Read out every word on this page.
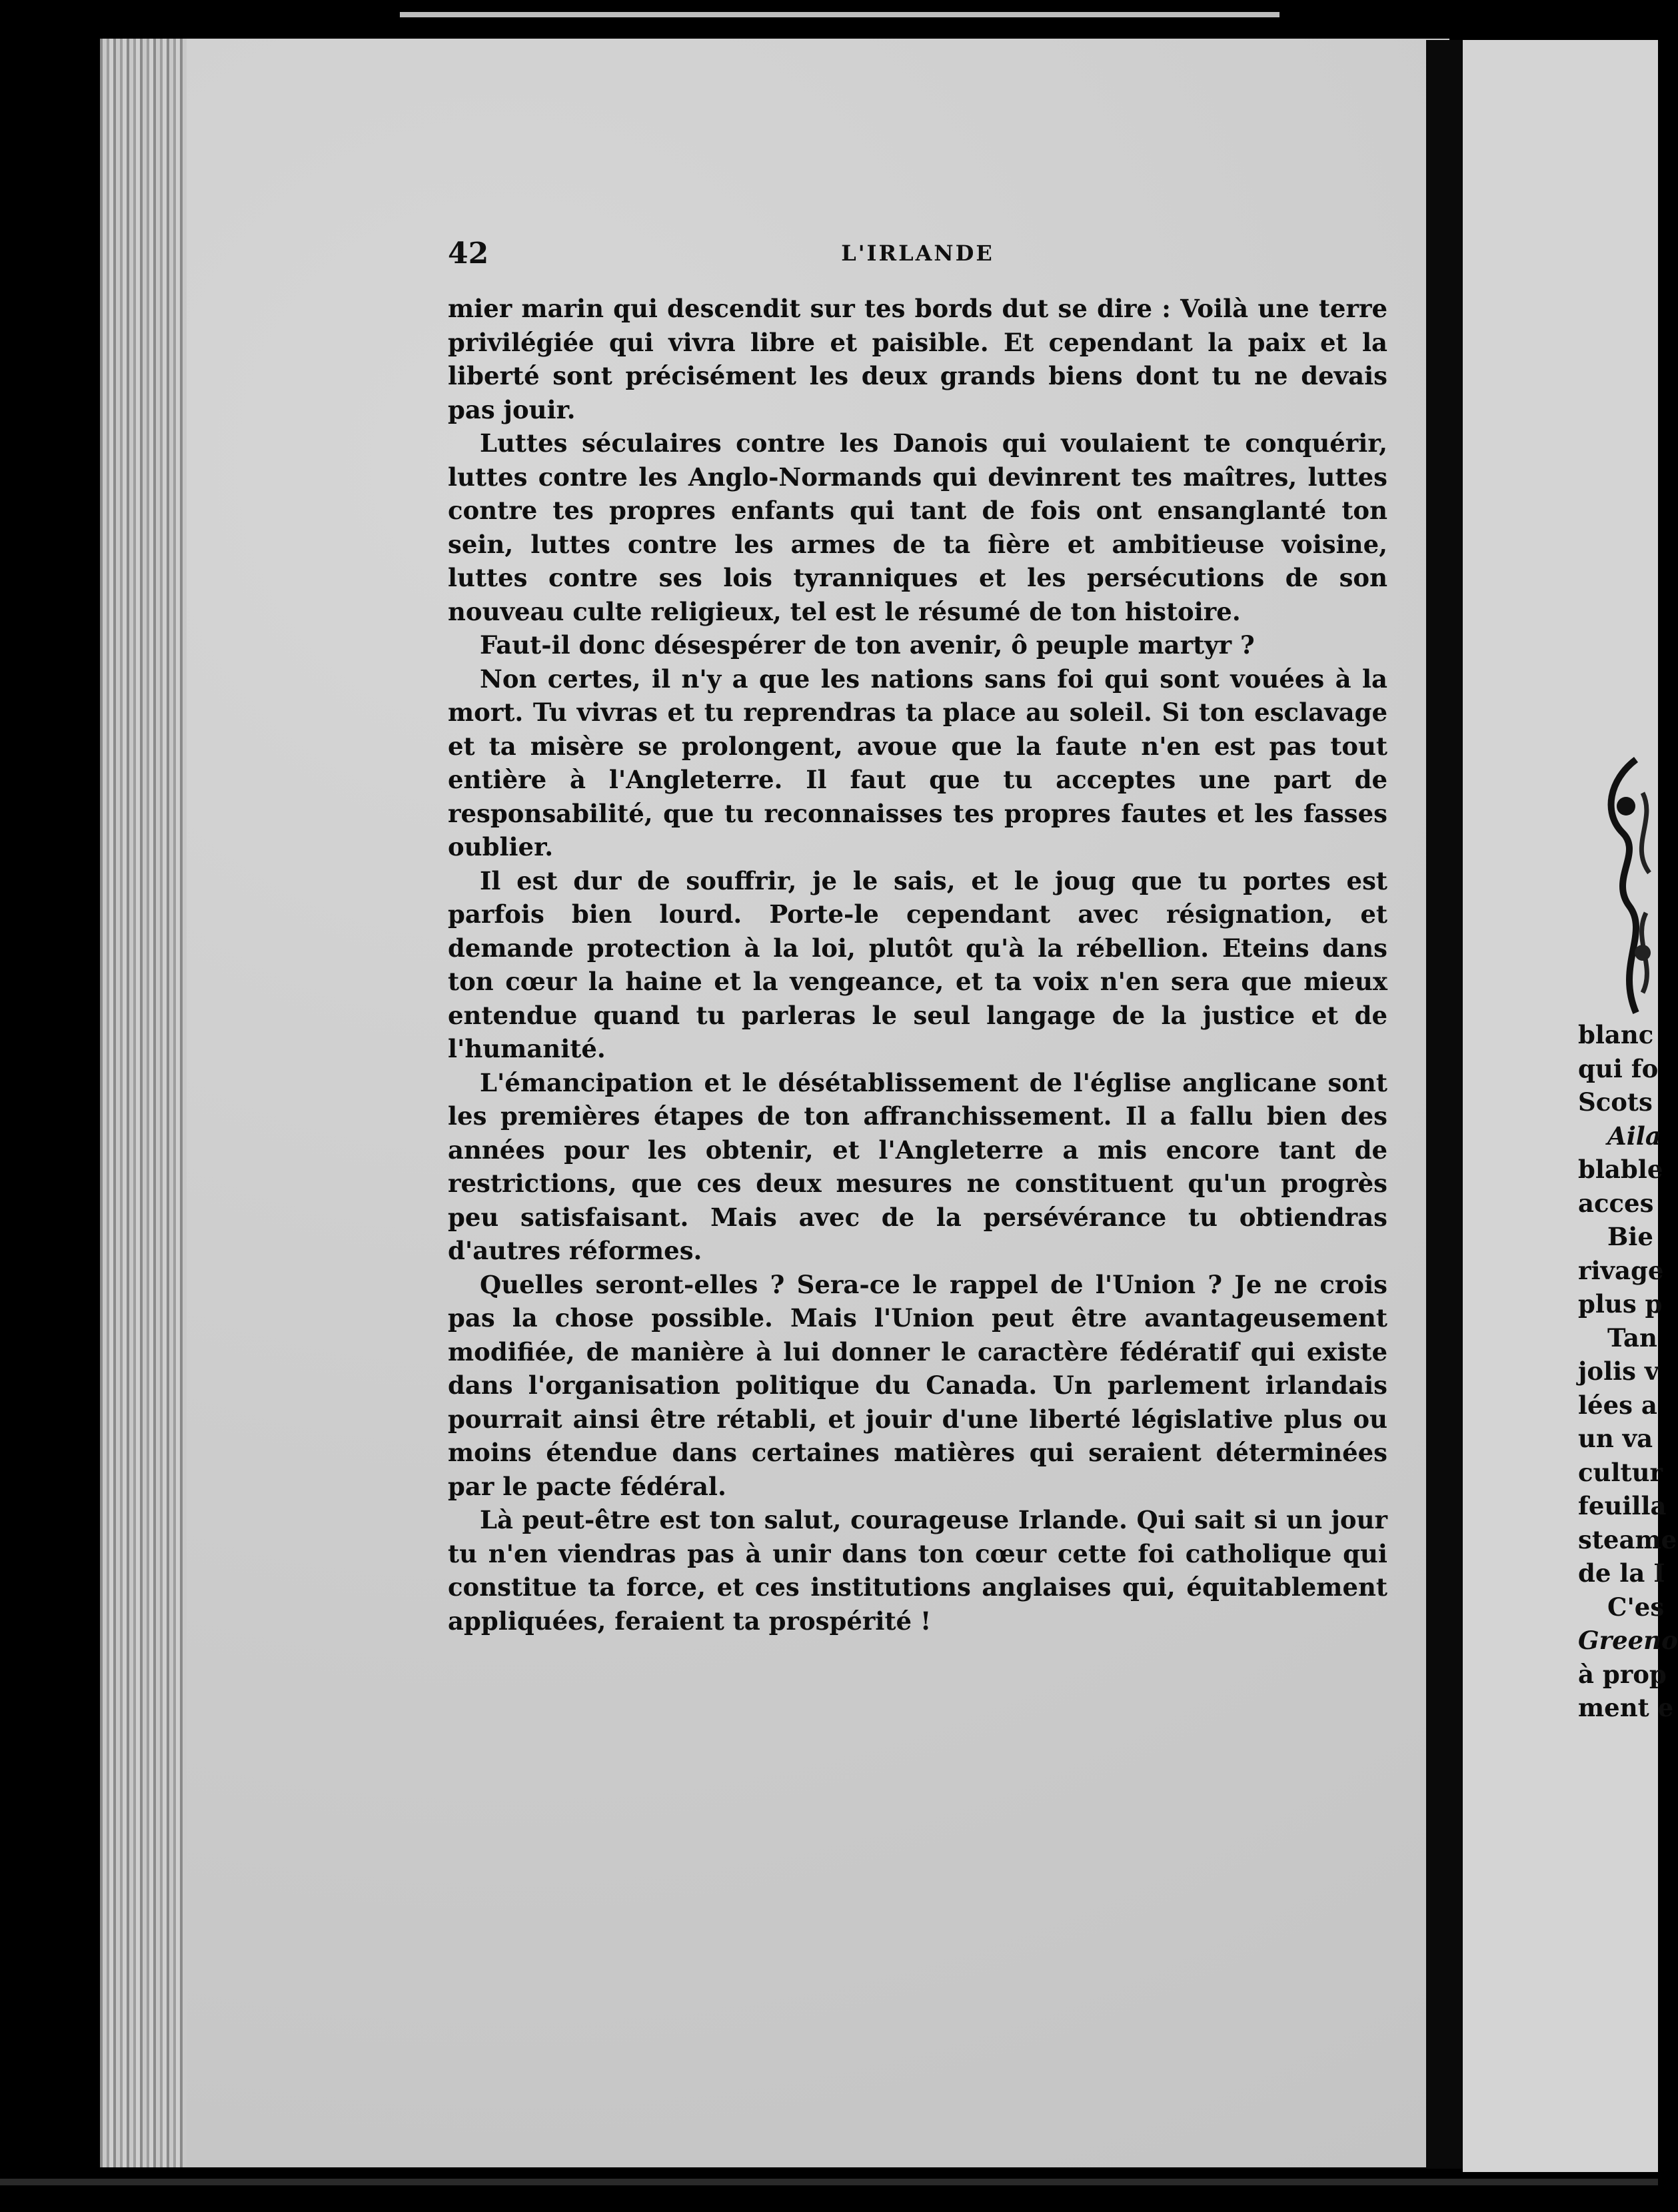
42	L'IRLANDE

mier marin qui descendit sur tes bords dut se dire : Voilà une terre privilégiée qui vivra libre et paisible. Et cependant la paix et la liberté sont précisément les deux grands biens dont tu ne devais pas jouir.

Luttes séculaires contre les Danois qui voulaient te conquérir, luttes contre les Anglo-Normands qui devinrent tes maîtres, luttes contre tes propres enfants qui tant de fois ont ensanglanté ton sein, luttes contre les armes de ta fière et ambitieuse voisine, luttes contre ses lois tyranniques et les persécutions de son nouveau culte religieux, tel est le résumé de ton histoire.

Faut-il donc désespérer de ton avenir, ô peuple martyr ?

Non certes, il n'y a que les nations sans foi qui sont vouées à la mort. Tu vivras et tu reprendras ta place au soleil. Si ton esclavage et ta misère se prolongent, avoue que la faute n'en est pas tout entière à l'Angleterre. Il faut que tu acceptes une part de responsabilité, que tu reconnaisses tes propres fautes et les fasses oublier.

Il est dur de souffrir, je le sais, et le joug que tu portes est parfois bien lourd. Porte-le cependant avec résignation, et demande protection à la loi, plutôt qu'à la rébellion. Eteins dans ton cœur la haine et la vengeance, et ta voix n'en sera que mieux entendue quand tu parleras le seul langage de la justice et de l'humanité.

L'émancipation et le désétablissement de l'église anglicane sont les premières étapes de ton affranchissement. Il a fallu bien des années pour les obtenir, et l'Angleterre a mis encore tant de restrictions, que ces deux mesures ne constituent qu'un progrès peu satisfaisant. Mais avec de la persévérance tu obtiendras d'autres réformes.

Quelles seront-elles ? Sera-ce le rappel de l'Union ? Je ne crois pas la chose possible. Mais l'Union peut être avantageusement modifiée, de manière à lui donner le caractère fédératif qui existe dans l'organisation politique du Canada. Un parlement irlandais pourrait ainsi être rétabli, et jouir d'une liberté législative plus ou moins étendue dans certaines matières qui seraient déterminées par le pacte fédéral.

Là peut-être est ton salut, courageuse Irlande. Qui sait si un jour tu n'en viendras pas à unir dans ton cœur cette foi catholique qui constitue ta force, et ces institutions anglaises qui, équitablement appliquées, feraient ta prospérité !

blanc
qui fo
Scots
Aila
blable
acces
Bie
rivage
plus p
Tan
jolis v
lées a
un va
cultur
feuilla
steame
de la I
C'es
Greeno
à prop
ment e
